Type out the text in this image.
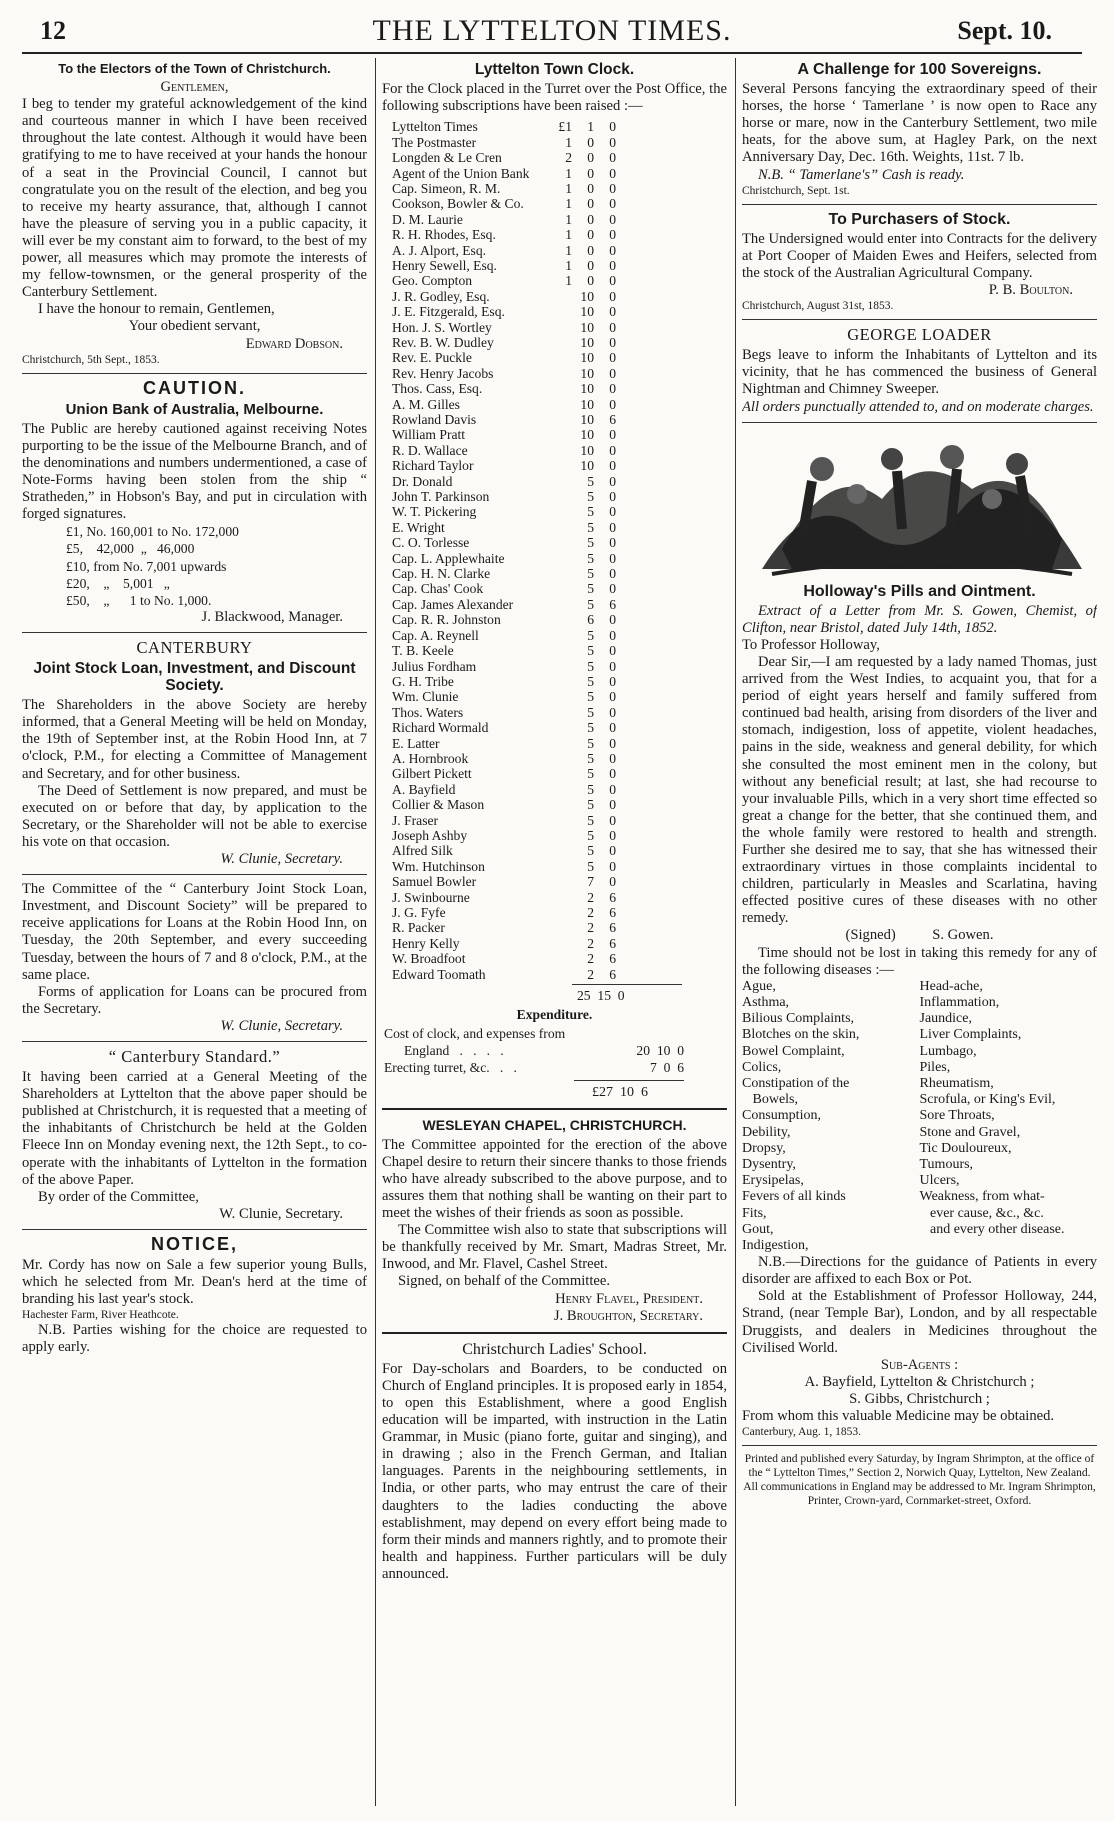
12	THE LYTTELTON TIMES.	Sept. 10.
To the Electors of the Town of Christchurch.

Gentlemen,

I beg to tender my grateful acknowledgement of the kind and courteous manner in which I have been received throughout the late contest. Although it would have been gratifying to me to have received at your hands the honour of a seat in the Provincial Council, I cannot but congratulate you on the result of the election, and beg you to receive my hearty assurance, that, although I cannot have the pleasure of serving you in a public capacity, it will ever be my constant aim to forward, to the best of my power, all measures which may promote the interests of my fellow-townsmen, or the general prosperity of the Canterbury Settlement.

I have the honour to remain, Gentlemen,

Your obedient servant,

Edward Dobson.

Christchurch, 5th Sept., 1853.

CAUTION.
Union Bank of Australia, Melbourne.

The Public are hereby cautioned against receiving Notes purporting to be the issue of the Melbourne Branch, and of the denominations and numbers undermentioned, a case of Note-Forms having been stolen from the ship “ Stratheden,” in Hobson's Bay, and put in circulation with forged signatures.

£1, No. 160,001 to No. 172,000
£5,    42,000  „   46,000
£10, from No. 7,001 upwards
£20,    „    5,001   „
£50,    „      1 to No. 1,000.

J. Blackwood, Manager.

CANTERBURY
Joint Stock Loan, Investment, and Discount Society.

The Shareholders in the above Society are hereby informed, that a General Meeting will be held on Monday, the 19th of September inst, at the Robin Hood Inn, at 7 o'clock, P.M., for electing a Committee of Management and Secretary, and for other business.

The Deed of Settlement is now prepared, and must be executed on or before that day, by application to the Secretary, or the Shareholder will not be able to exercise his vote on that occasion.

W. Clunie, Secretary.

The Committee of the “ Canterbury Joint Stock Loan, Investment, and Discount Society” will be prepared to receive applications for Loans at the Robin Hood Inn, on Tuesday, the 20th September, and every succeeding Tuesday, between the hours of 7 and 8 o'clock, P.M., at the same place.

Forms of application for Loans can be procured from the Secretary.

W. Clunie, Secretary.

“ Canterbury Standard.”

It having been carried at a General Meeting of the Shareholders at Lyttelton that the above paper should be published at Christchurch, it is requested that a meeting of the inhabitants of Christchurch be held at the Golden Fleece Inn on Monday evening next, the 12th Sept., to co-operate with the inhabitants of Lyttelton in the formation of the above Paper.

By order of the Committee,

W. Clunie, Secretary.

NOTICE,

Mr. Cordy has now on Sale a few superior young Bulls, which he selected from Mr. Dean's herd at the time of branding his last year's stock.

Hachester Farm, River Heathcote.

N.B. Parties wishing for the choice are requested to apply early.

Lyttelton Town Clock.

For the Clock placed in the Turret over the Post Office, the following subscriptions have been raised :—

Lyttelton Times	£1	1	0
The Postmaster	1	0	0
Longden & Le Cren	2	0	0
Agent of the Union Bank	1	0	0
Cap. Simeon, R. M.	1	0	0
Cookson, Bowler & Co.	1	0	0
D. M. Laurie	1	0	0
R. H. Rhodes, Esq.	1	0	0
A. J. Alport, Esq.	1	0	0
Henry Sewell, Esq.	1	0	0
Geo. Compton	1	0	0
J. R. Godley, Esq.		10	0
J. E. Fitzgerald, Esq.		10	0
Hon. J. S. Wortley		10	0
Rev. B. W. Dudley		10	0
Rev. E. Puckle		10	0
Rev. Henry Jacobs		10	0
Thos. Cass, Esq.		10	0
A. M. Gilles		10	0
Rowland Davis		10	6
William Pratt		10	0
R. D. Wallace		10	0
Richard Taylor		10	0
Dr. Donald		5	0
John T. Parkinson		5	0
W. T. Pickering		5	0
E. Wright		5	0
C. O. Torlesse		5	0
Cap. L. Applewhaite		5	0
Cap. H. N. Clarke		5	0
Cap. Chas' Cook		5	0
Cap. James Alexander		5	6
Cap. R. R. Johnston		6	0
Cap. A. Reynell		5	0
T. B. Keele		5	0
Julius Fordham		5	0
G. H. Tribe		5	0
Wm. Clunie		5	0
Thos. Waters		5	0
Richard Wormald		5	0
E. Latter		5	0
A. Hornbrook		5	0
Gilbert Pickett		5	0
A. Bayfield		5	0
Collier & Mason		5	0
J. Fraser		5	0
Joseph Ashby		5	0
Alfred Silk		5	0
Wm. Hutchinson		5	0
Samuel Bowler		7	0
J. Swinbourne		2	6
J. G. Fyfe		2	6
R. Packer		2	6
Henry Kelly		2	6
W. Broadfoot		2	6
Edward Toomath		2	6
25  15  0
Expenditure.
Cost of clock, and expenses from	
England   .   .   .   .	20  10  0
Erecting turret, &c.   .   .	7  0  6
£27  10  6
WESLEYAN CHAPEL, CHRISTCHURCH.

The Committee appointed for the erection of the above Chapel desire to return their sincere thanks to those friends who have already subscribed to the above purpose, and to assures them that nothing shall be wanting on their part to meet the wishes of their friends as soon as possible.

The Committee wish also to state that subscriptions will be thankfully received by Mr. Smart, Madras Street, Mr. Inwood, and Mr. Flavel, Cashel Street.

Signed, on behalf of the Committee.

Henry Flavel, President.

J. Broughton, Secretary.

Christchurch Ladies' School.

For Day-scholars and Boarders, to be conducted on Church of England principles. It is proposed early in 1854, to open this Establishment, where a good English education will be imparted, with instruction in the Latin Grammar, in Music (piano forte, guitar and singing), and in drawing ; also in the French German, and Italian languages. Parents in the neighbouring settlements, in India, or other parts, who may entrust the care of their daughters to the ladies conducting the above establishment, may depend on every effort being made to form their minds and manners rightly, and to promote their health and happiness. Further particulars will be duly announced.

A Challenge for 100 Sovereigns.

Several Persons fancying the extraordinary speed of their horses, the horse ‘ Tamerlane ’ is now open to Race any horse or mare, now in the Canterbury Settlement, two mile heats, for the above sum, at Hagley Park, on the next Anniversary Day, Dec. 16th. Weights, 11st. 7 lb.

N.B. “ Tamerlane's” Cash is ready.

Christchurch, Sept. 1st.

To Purchasers of Stock.

The Undersigned would enter into Contracts for the delivery at Port Cooper of Maiden Ewes and Heifers, selected from the stock of the Australian Agricultural Company.

P. B. Boulton.

Christchurch, August 31st, 1853.

GEORGE LOADER

Begs leave to inform the Inhabitants of Lyttelton and its vicinity, that he has commenced the business of General Nightman and Chimney Sweeper.

All orders punctually attended to, and on moderate charges.

Holloway's Pills and Ointment.

Extract of a Letter from Mr. S. Gowen, Chemist, of Clifton, near Bristol, dated July 14th, 1852.

To Professor Holloway,

Dear Sir,—I am requested by a lady named Thomas, just arrived from the West Indies, to acquaint you, that for a period of eight years herself and family suffered from continued bad health, arising from disorders of the liver and stomach, indigestion, loss of appetite, violent headaches, pains in the side, weakness and general debility, for which she consulted the most eminent men in the colony, but without any beneficial result; at last, she had recourse to your invaluable Pills, which in a very short time effected so great a change for the better, that she continued them, and the whole family were restored to health and strength. Further she desired me to say, that she has witnessed their extraordinary virtues in those complaints incidental to children, particularly in Measles and Scarlatina, having effected positive cures of these diseases with no other remedy.

(Signed)          S. Gowen.

Time should not be lost in taking this remedy for any of the following diseases :—

Ague,	Head-ache,
Asthma,	Inflammation,
Bilious Complaints,	Jaundice,
Blotches on the skin,	Liver Complaints,
Bowel Complaint,	Lumbago,
Colics,	Piles,
Constipation of the	Rheumatism,
Bowels,	Scrofula, or King's Evil,
Consumption,	Sore Throats,
Debility,	Stone and Gravel,
Dropsy,	Tic Douloureux,
Dysentry,	Tumours,
Erysipelas,	Ulcers,
Fevers of all kinds	Weakness, from what-
Fits,	ever cause, &c., &c.
Gout,	and every other disease.
Indigestion,	

N.B.—Directions for the guidance of Patients in every disorder are affixed to each Box or Pot.

Sold at the Establishment of Professor Holloway, 244, Strand, (near Temple Bar), London, and by all respectable Druggists, and dealers in Medicines throughout the Civilised World.

Sub-Agents :

A. Bayfield, Lyttelton & Christchurch ;

S. Gibbs, Christchurch ;

From whom this valuable Medicine may be obtained.

Canterbury, Aug. 1, 1853.

Printed and published every Saturday, by Ingram Shrimpton, at the office of the “ Lyttelton Times,” Section 2, Norwich Quay, Lyttelton, New Zealand.

All communications in England may be addressed to Mr. Ingram Shrimpton, Printer, Crown-yard, Cornmarket-street, Oxford.
